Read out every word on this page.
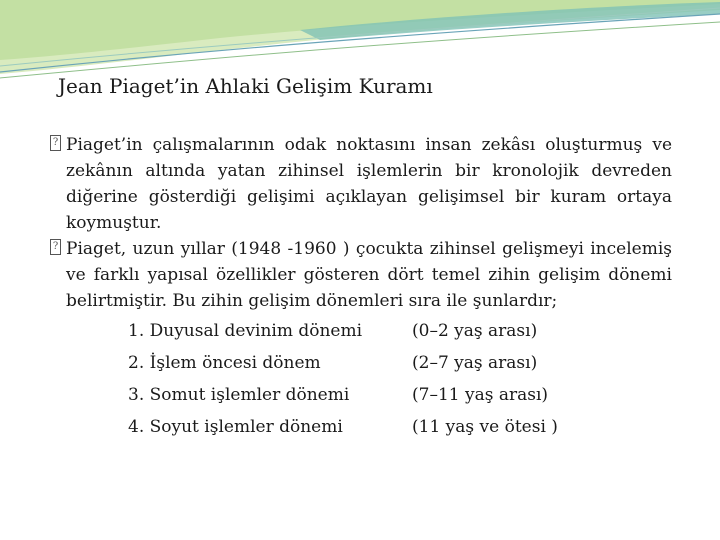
Jean Piaget’in Ahlaki Gelişim Kuramı
? Piaget’in çalışmalarının odak noktasını insan zekâsı oluşturmuş ve zekânın altında yatan zihinsel işlemlerin bir kronolojik devreden diğerine gösterdiği gelişimi açıklayan gelişimsel bir kuram ortaya koymuştur.
? Piaget, uzun yıllar (1948 -1960 ) çocukta zihinsel gelişmeyi incelemiş ve farklı yapısal özellikler gösteren dört temel zihin gelişim dönemi belirtmiştir. Bu zihin gelişim dönemleri sıra ile şunlardır;
1. Duyusal devinim dönemi	(0–2 yaş arası)
2. İşlem öncesi dönem	(2–7 yaş arası)
3. Somut işlemler dönemi	(7–11 yaş arası)
4. Soyut işlemler dönemi	(11 yaş ve ötesi )
